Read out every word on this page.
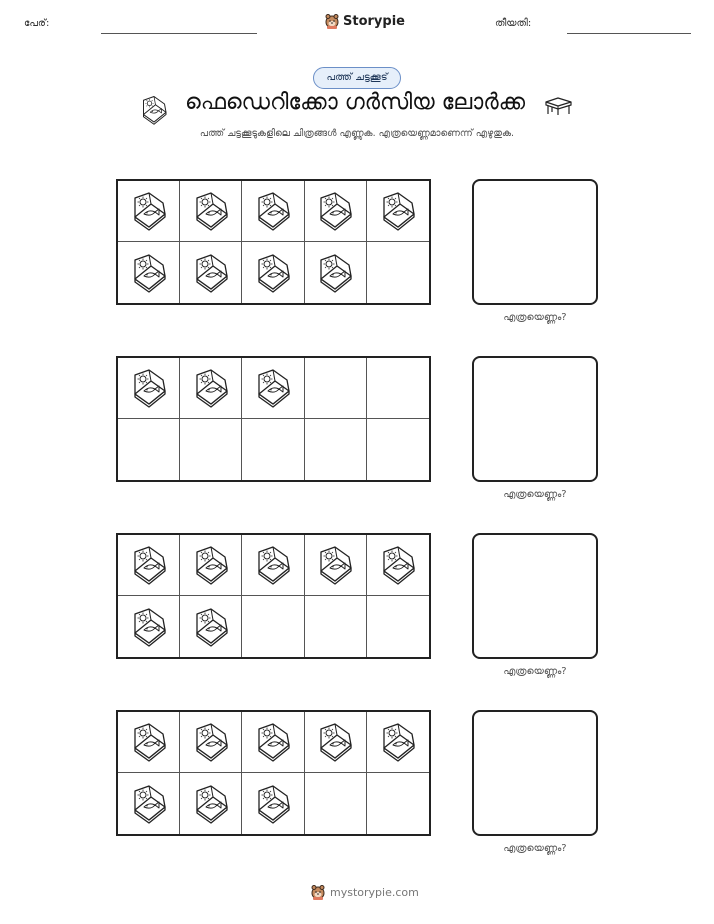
പേര്:	Storypie	തീയതി:
പത്ത് ചട്ടക്കൂട്
ഫെഡെറിക്കോ ഗർസിയ ലോർക്ക
പത്ത് ചട്ടക്കൂടുകളിലെ ചിത്രങ്ങൾ എണ്ണുക. എത്രയെണ്ണമാണെന്ന് എഴുതുക.
എത്രയെണ്ണം?
എത്രയെണ്ണം?
എത്രയെണ്ണം?
എത്രയെണ്ണം?
mystorypie.com
